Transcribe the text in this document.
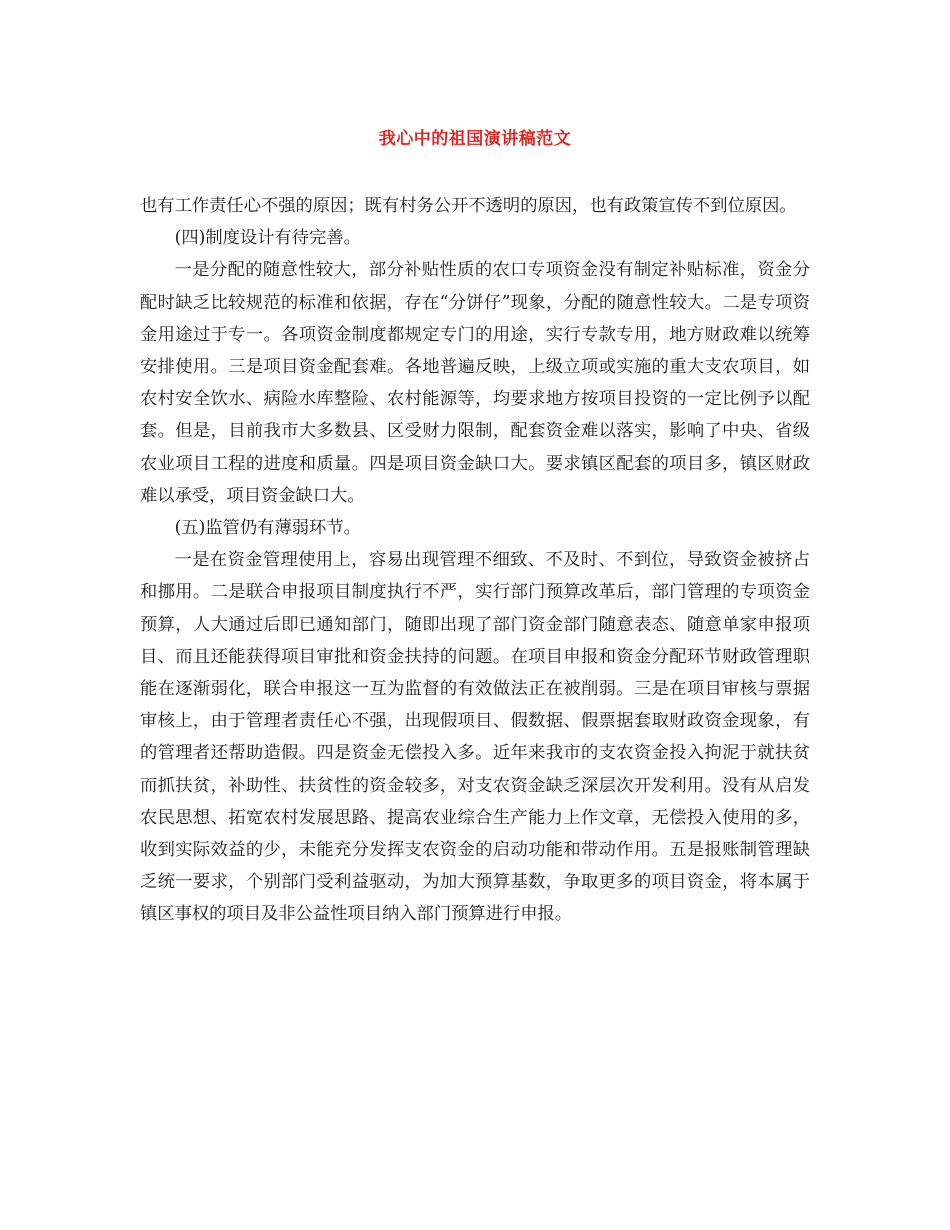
我心中的祖国演讲稿范文

也有工作责任心不强的原因；既有村务公开不透明的原因，也有政策宣传不到位原因。

(四)制度设计有待完善。

一是分配的随意性较大，部分补贴性质的农口专项资金没有制定补贴标准，资金分配时缺乏比较规范的标准和依据，存在“分饼仔”现象，分配的随意性较大。二是专项资金用途过于专一。各项资金制度都规定专门的用途，实行专款专用，地方财政难以统筹安排使用。三是项目资金配套难。各地普遍反映，上级立项或实施的重大支农项目，如农村安全饮水、病险水库整险、农村能源等，均要求地方按项目投资的一定比例予以配套。但是，目前我市大多数县、区受财力限制，配套资金难以落实，影响了中央、省级农业项目工程的进度和质量。四是项目资金缺口大。要求镇区配套的项目多，镇区财政难以承受，项目资金缺口大。

(五)监管仍有薄弱环节。

一是在资金管理使用上，容易出现管理不细致、不及时、不到位，导致资金被挤占和挪用。二是联合申报项目制度执行不严，实行部门预算改革后，部门管理的专项资金预算，人大通过后即已通知部门，随即出现了部门资金部门随意表态、随意单家申报项目、而且还能获得项目审批和资金扶持的问题。在项目申报和资金分配环节财政管理职能在逐渐弱化，联合申报这一互为监督的有效做法正在被削弱。三是在项目审核与票据审核上，由于管理者责任心不强，出现假项目、假数据、假票据套取财政资金现象，有的管理者还帮助造假。四是资金无偿投入多。近年来我市的支农资金投入拘泥于就扶贫而抓扶贫，补助性、扶贫性的资金较多，对支农资金缺乏深层次开发利用。没有从启发农民思想、拓宽农村发展思路、提高农业综合生产能力上作文章，无偿投入使用的多，收到实际效益的少，未能充分发挥支农资金的启动功能和带动作用。五是报账制管理缺乏统一要求，个别部门受利益驱动，为加大预算基数，争取更多的项目资金，将本属于镇区事权的项目及非公益性项目纳入部门预算进行申报。
